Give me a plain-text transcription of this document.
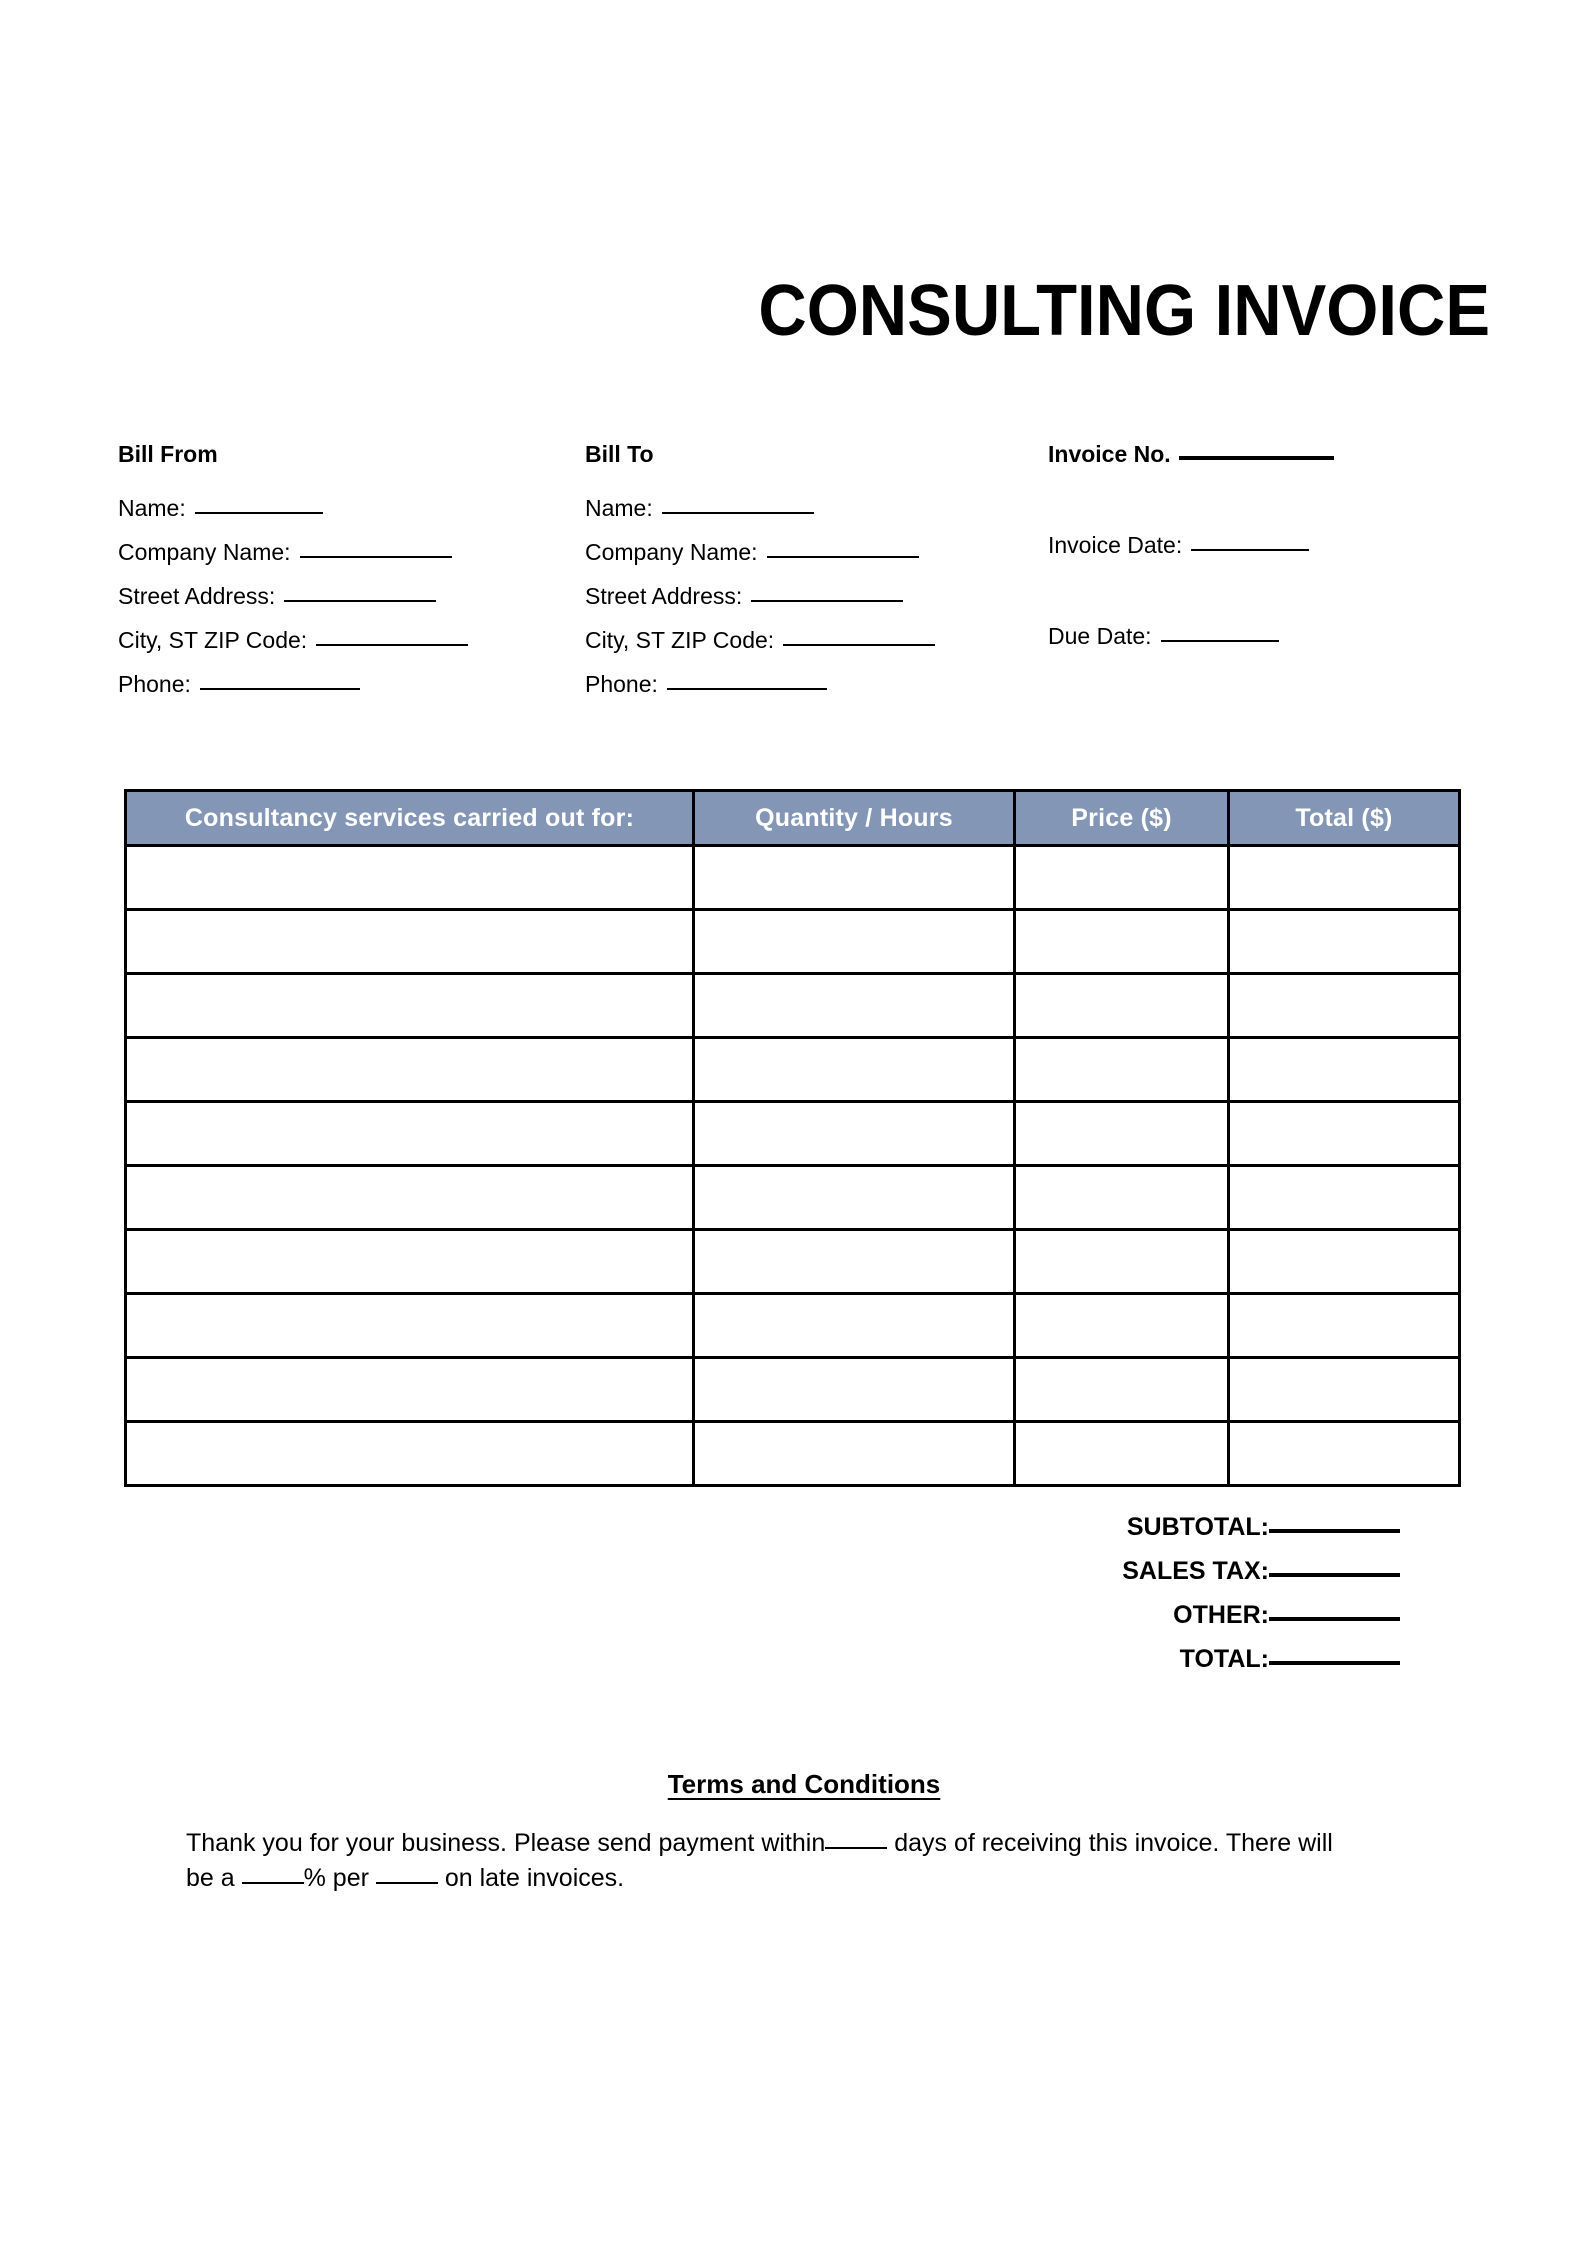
CONSULTING INVOICE
Bill From
Name:
Company Name:
Street Address:
City, ST ZIP Code:
Phone:
Bill To
Name:
Company Name:
Street Address:
City, ST ZIP Code:
Phone:
Invoice No.
Invoice Date:
Due Date:
Consultancy services carried out for:	Quantity / Hours	Price ($)	Total ($)

SUBTOTAL:
SALES TAX:
OTHER:
TOTAL:
Terms and Conditions
Thank you for your business. Please send payment within	days of receiving this invoice. There will be a	% per	on late invoices.
